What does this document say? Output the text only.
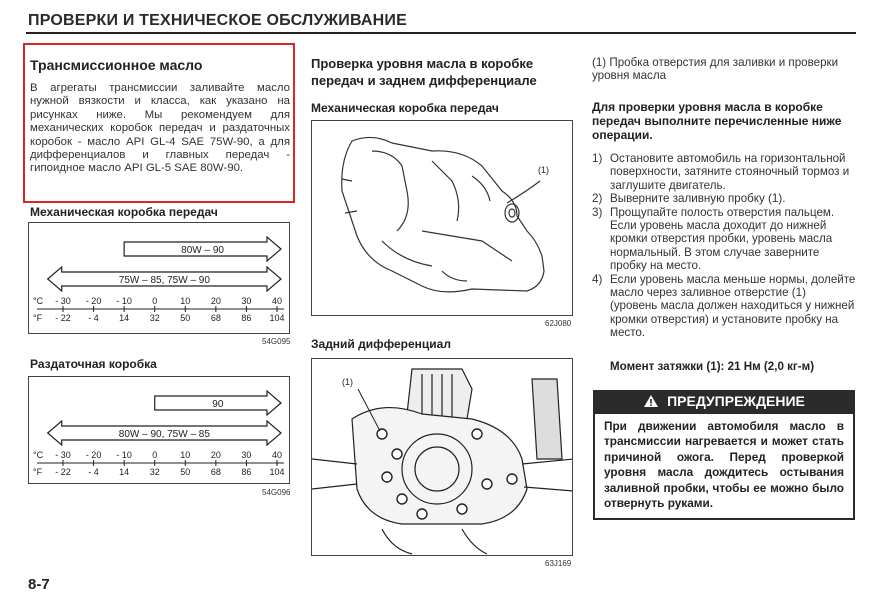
ПРОВЕРКИ И ТЕХНИЧЕСКОЕ ОБСЛУЖИВАНИЕ
Трансмиссионное масло
В агрегаты трансмиссии заливайте масло нужной вязкости и класса, как указано на рисунках ниже. Мы рекомендуем для механических коробок передач и раздаточных коробок - масло API GL-4 SAE 75W-90, а для дифференциалов и главных передач - гипоидное масло API GL-5 SAE 80W-90.
Механическая коробка передач
80W – 90
75W – 85, 75W – 90
- 30
- 22
- 20
- 4
- 10
14
0
32
10
50
20
68
30
86
40
104
°C
°F
54G095
Раздаточная коробка
90
80W – 90, 75W – 85
- 30
- 22
- 20
- 4
- 10
14
0
32
10
50
20
68
30
86
40
104
°C
°F
54G096
Проверка уровня масла в коробке передач и заднем дифференциале
Механическая коробка передач
(1)
62J080
Задний дифференциал
(1)
63J169
(1) Пробка отверстия для заливки и проверки уровня масла
Для проверки уровня масла в коробке передач выполните перечисленные ниже операции.
1) Остановите автомобиль на горизонтальной поверхности, затяните стояночный тормоз и заглушите двигатель.
2) Выверните заливную пробку (1).
3) Прощупайте полость отверстия пальцем. Если уровень масла доходит до нижней кромки отверстия пробки, уровень масла нормальный. В этом случае заверните пробку на место.
4) Если уровень масла меньше нормы, долейте масло через заливное отверстие (1) (уровень масла должен находиться у нижней кромки отверстия) и установите пробку на место.
Момент затяжки (1): 21 Нм (2,0 кг-м)
ПРЕДУПРЕЖДЕНИЕ
При движении автомобиля масло в трансмиссии нагревается и может стать причиной ожога. Перед проверкой уровня масла дождитесь остывания заливной пробки, чтобы ее можно было отвернуть руками.
8-7
